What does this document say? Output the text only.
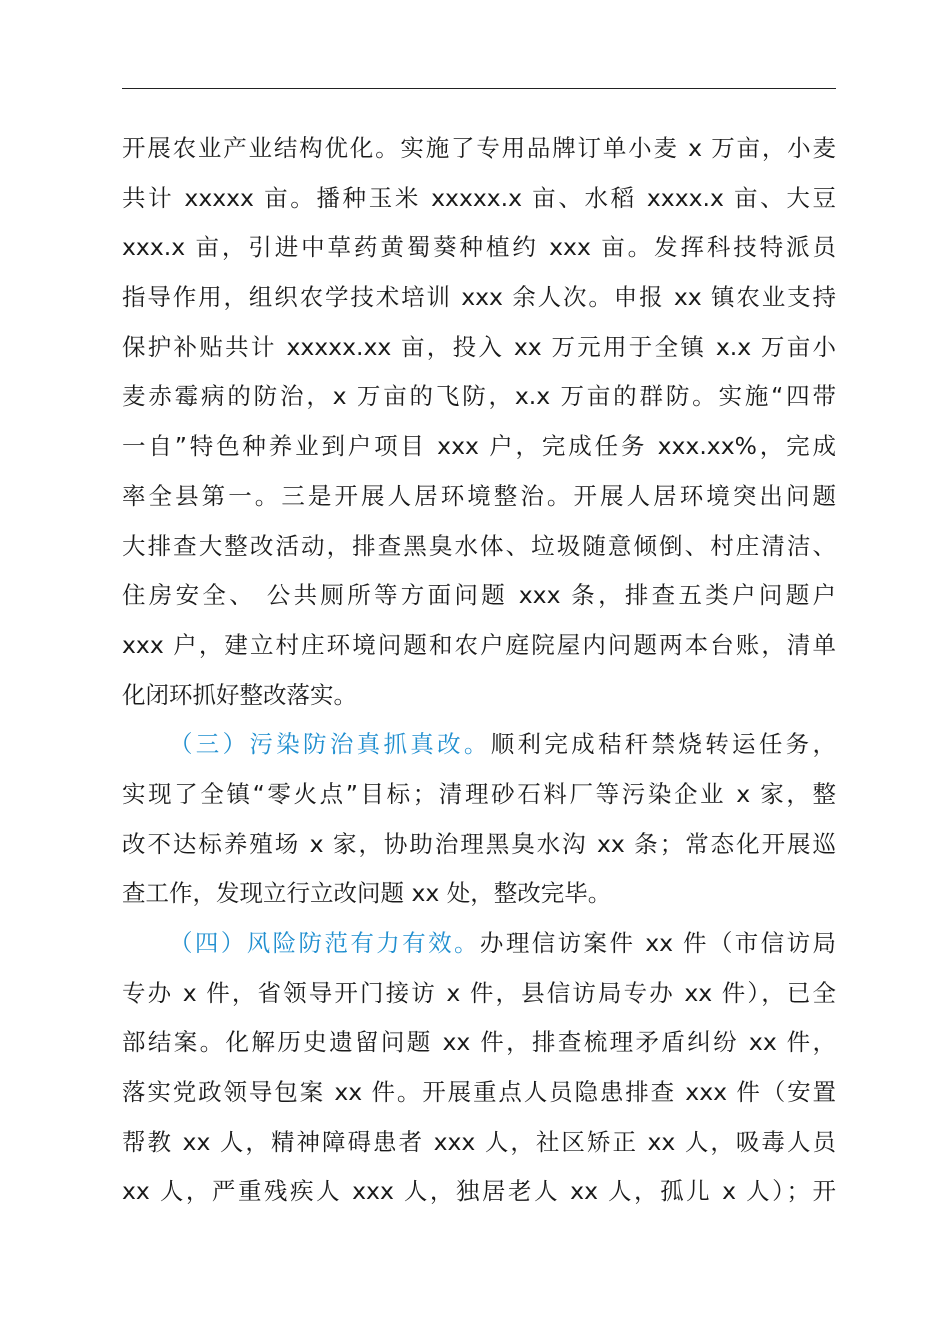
开展农业产业结构优化。实施了专用品牌订单小麦 x 万亩，小麦
共计 xxxxx 亩。播种玉米 xxxxx.x 亩、水稻 xxxx.x 亩、大豆
xxx.x 亩，引进中草药黄蜀葵种植约 xxx 亩。发挥科技特派员
指导作用，组织农学技术培训 xxx 余人次。申报 xx 镇农业支持
保护补贴共计 xxxxx.xx 亩，投入 xx 万元用于全镇 x.x 万亩小
麦赤霉病的防治，x 万亩的飞防，x.x 万亩的群防。实施“四带
一自”特色种养业到户项目 xxx 户，完成任务 xxx.xx%，完成
率全县第一。三是开展人居环境整治。开展人居环境突出问题
大排查大整改活动，排查黑臭水体、垃圾随意倾倒、村庄清洁、
住房安全、 公共厕所等方面问题 xxx 条，排查五类户问题户
xxx 户，建立村庄环境问题和农户庭院屋内问题两本台账，清单
化闭环抓好整改落实。
（三）污染防治真抓真改。顺利完成秸秆禁烧转运任务，
实现了全镇“零火点”目标；清理砂石料厂等污染企业 x 家，整
改不达标养殖场 x 家，协助治理黑臭水沟 xx 条；常态化开展巡
查工作，发现立行立改问题 xx 处，整改完毕。
（四）风险防范有力有效。办理信访案件 xx 件（市信访局
专办 x 件，省领导开门接访 x 件，县信访局专办 xx 件），已全
部结案。化解历史遗留问题 xx 件，排查梳理矛盾纠纷 xx 件，
落实党政领导包案 xx 件。开展重点人员隐患排查 xxx 件（安置
帮教 xx 人，精神障碍患者 xxx 人，社区矫正 xx 人，吸毒人员
xx 人，严重残疾人 xxx 人，独居老人 xx 人，孤儿 x 人）；开
